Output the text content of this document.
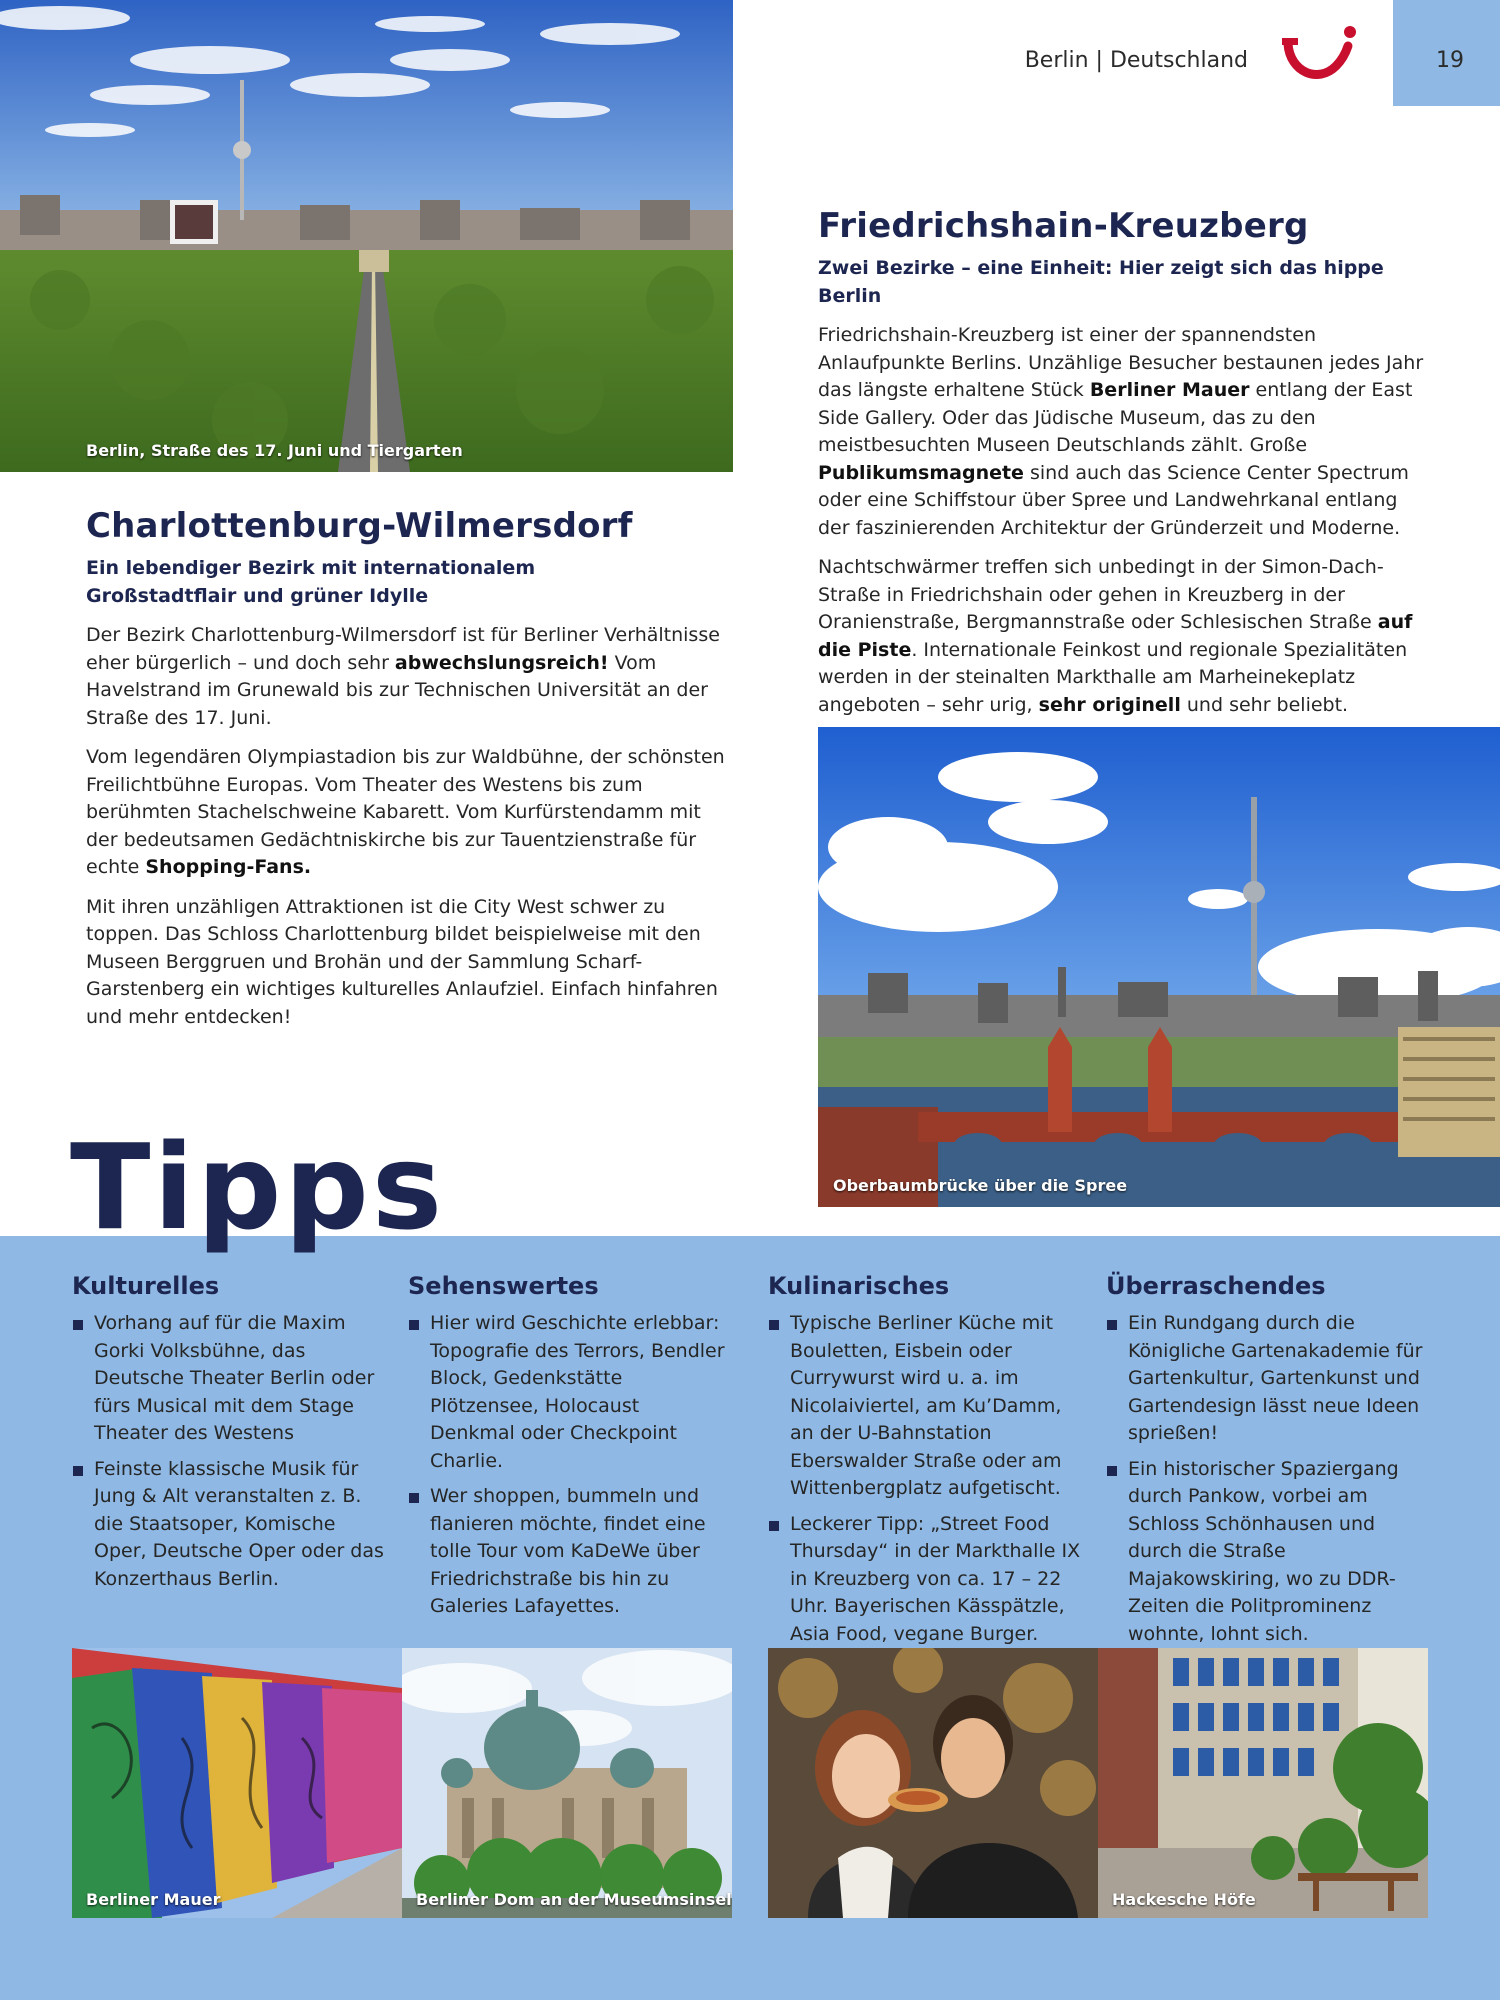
Berlin | Deutschland	19
Berlin, Straße des 17. Juni und Tiergarten
Charlottenburg-Wilmersdorf
Ein lebendiger Bezirk mit internationalem Großstadtflair und grüner Idylle

Der Bezirk Charlottenburg-Wilmersdorf ist für Berliner Verhältnisse eher bürgerlich – und doch sehr abwechslungsreich! Vom Havelstrand im Grunewald bis zur Technischen Universität an der Straße des 17. Juni.

Vom legendären Olympiastadion bis zur Waldbühne, der schönsten Freilichtbühne Europas. Vom Theater des Westens bis zum berühmten Stachelschweine Kabarett. Vom Kurfürstendamm mit der bedeutsamen Gedächtniskirche bis zur Tauentzienstraße für echte Shopping-Fans.

Mit ihren unzähligen Attraktionen ist die City West schwer zu toppen. Das Schloss Charlottenburg bildet beispielweise mit den Museen Berggruen und Brohän und der Sammlung Scharf-Garstenberg ein wichtiges kulturelles Anlaufziel. Einfach hinfahren und mehr entdecken!

Friedrichshain-Kreuzberg
Zwei Bezirke – eine Einheit: Hier zeigt sich das hippe Berlin

Friedrichshain-Kreuzberg ist einer der spannendsten Anlaufpunkte Berlins. Unzählige Besucher bestaunen jedes Jahr das längste erhaltene Stück Berliner Mauer entlang der East Side Gallery. Oder das Jüdische Museum, das zu den meistbesuchten Museen Deutschlands zählt. Große Publikumsmagnete sind auch das Science Center Spectrum oder eine Schiffstour über Spree und Landwehrkanal entlang der faszinierenden Architektur der Gründerzeit und Moderne.

Nachtschwärmer treffen sich unbedingt in der Simon-Dach-Straße in Friedrichshain oder gehen in Kreuzberg in der Oranienstraße, Bergmannstraße oder Schlesischen Straße auf die Piste. Internationale Feinkost und regionale Spezialitäten werden in der steinalten Markthalle am Marheinekeplatz angeboten – sehr urig, sehr originell und sehr beliebt.

Oberbaumbrücke über die Spree
Tipps
Kulturelles
Vorhang auf für die Maxim Gorki Volksbühne, das Deutsche Theater Berlin oder fürs Musical mit dem Stage Theater des Westens
Feinste klassische Musik für Jung & Alt veranstalten z. B. die Staatsoper, Komische Oper, Deutsche Oper oder das Konzerthaus Berlin.
Sehenswertes
Hier wird Geschichte erlebbar: Topografie des Terrors, Bendler Block, Gedenkstätte Plötzensee, Holocaust Denkmal oder Checkpoint Charlie.
Wer shoppen, bummeln und flanieren möchte, findet eine tolle Tour vom KaDeWe über Friedrichstraße bis hin zu Galeries Lafayettes.
Kulinarisches
Typische Berliner Küche mit Bouletten, Eisbein oder Currywurst wird u. a. im Nicolaiviertel, am Ku’Damm, an der U-Bahnstation Eberswalder Straße oder am Wittenbergplatz aufgetischt.
Leckerer Tipp: „Street Food Thursday“ in der Markthalle IX in Kreuzberg von ca. 17 – 22 Uhr. Bayerischen Kässpätzle, Asia Food, vegane Burger.
Überraschendes
Ein Rundgang durch die Königliche Gartenakademie für Gartenkultur, Gartenkunst und Gartendesign lässt neue Ideen sprießen!
Ein historischer Spaziergang durch Pankow, vorbei am Schloss Schönhausen und durch die Straße Majakowskiring, wo zu DDR-Zeiten die Politprominenz wohnte, lohnt sich.
Berliner Mauer	Berliner Dom an der Museumsinsel	Hackesche Höfe
